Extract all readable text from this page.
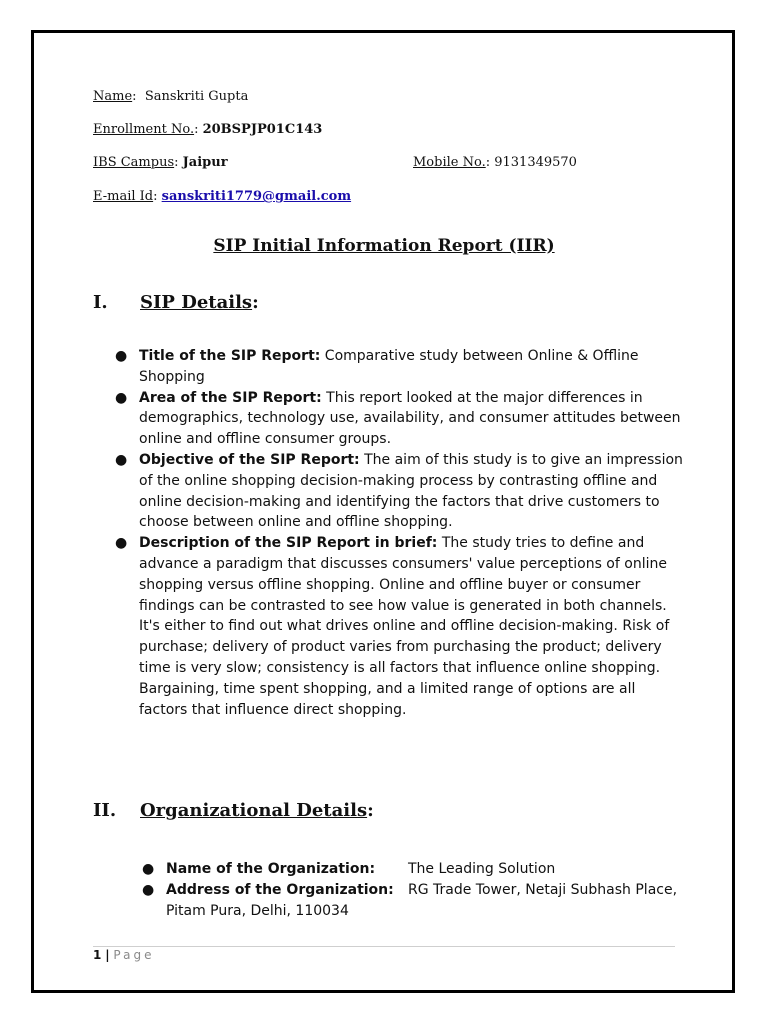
Name:  Sanskriti Gupta
Enrollment No.: 20BSPJP01C143
IBS Campus: Jaipur	Mobile No.: 9131349570
E-mail Id: sanskriti1779@gmail.com
SIP Initial Information Report (IIR)
I. SIP Details:
● Title of the SIP Report: Comparative study between Online & Offline Shopping
● Area of the SIP Report: This report looked at the major differences in demographics, technology use, availability, and consumer attitudes between online and offline consumer groups.
● Objective of the SIP Report: The aim of this study is to give an impression of the online shopping decision-making process by contrasting offline and online decision-making and identifying the factors that drive customers to choose between online and offline shopping.
● Description of the SIP Report in brief: The study tries to define and advance a paradigm that discusses consumers' value perceptions of online shopping versus offline shopping. Online and offline buyer or consumer findings can be contrasted to see how value is generated in both channels. It's either to find out what drives online and offline decision-making. Risk of purchase; delivery of product varies from purchasing the product; delivery time is very slow; consistency is all factors that influence online shopping. Bargaining, time spent shopping, and a limited range of options are all factors that influence direct shopping.
II. Organizational Details:
● Name of the Organization: The Leading Solution
● Address of the Organization: RG Trade Tower, Netaji Subhash Place, Pitam Pura, Delhi, 110034
1 | Page
